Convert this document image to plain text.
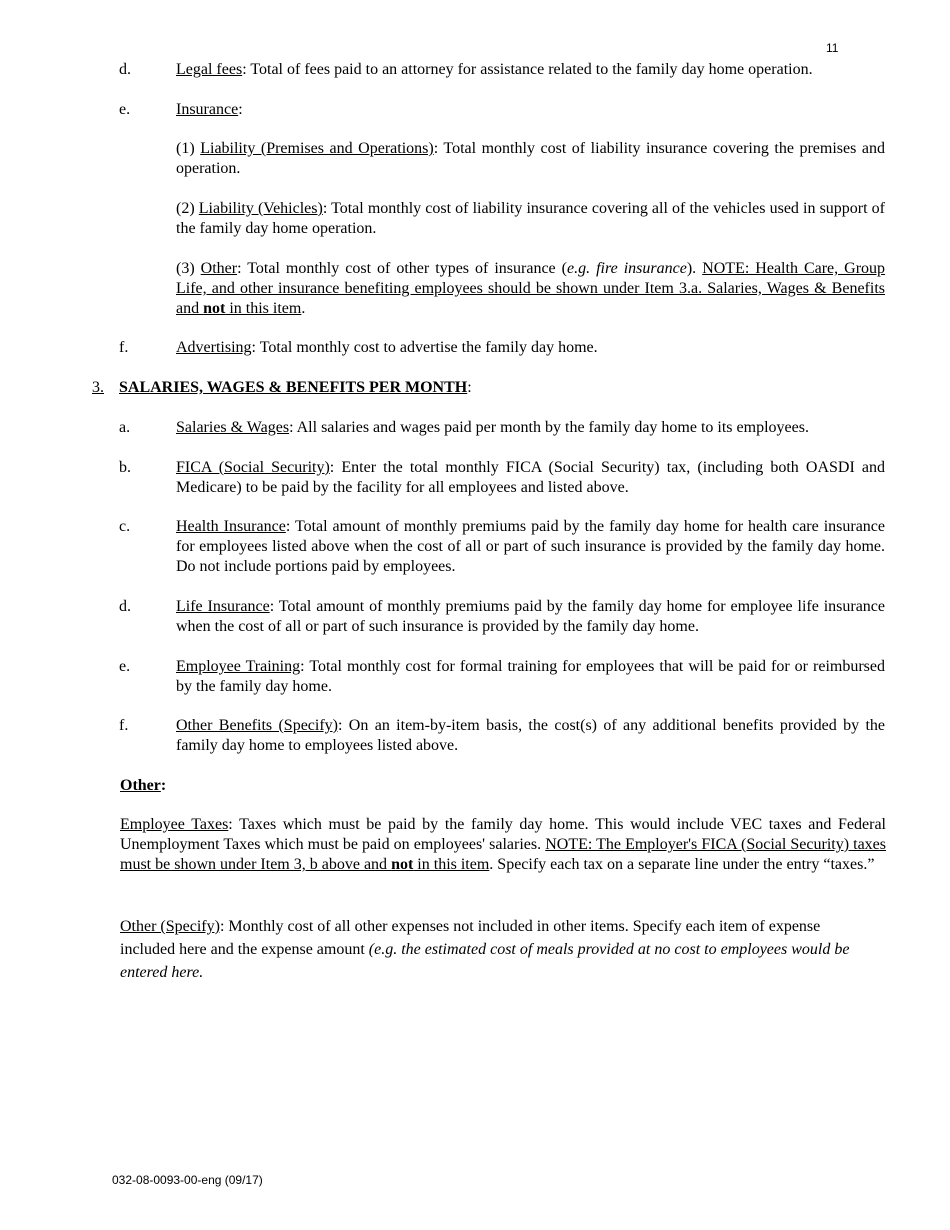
11
d.	Legal fees: Total of fees paid to an attorney for assistance related to the family day home operation.
e.	Insurance:
(1) Liability (Premises and Operations): Total monthly cost of liability insurance covering the premises and operation.
(2) Liability (Vehicles): Total monthly cost of liability insurance covering all of the vehicles used in support of the family day home operation.
(3) Other: Total monthly cost of other types of insurance (e.g. fire insurance). NOTE: Health Care, Group Life, and other insurance benefiting employees should be shown under Item 3.a. Salaries, Wages & Benefits and not in this item.
f.	Advertising: Total monthly cost to advertise the family day home.
3. SALARIES, WAGES & BENEFITS PER MONTH:
a.	Salaries & Wages: All salaries and wages paid per month by the family day home to its employees.
b.	FICA (Social Security): Enter the total monthly FICA (Social Security) tax, (including both OASDI and Medicare) to be paid by the facility for all employees and listed above.
c.	Health Insurance: Total amount of monthly premiums paid by the family day home for health care insurance for employees listed above when the cost of all or part of such insurance is provided by the family day home. Do not include portions paid by employees.
d.	Life Insurance: Total amount of monthly premiums paid by the family day home for employee life insurance when the cost of all or part of such insurance is provided by the family day home.
e.	Employee Training: Total monthly cost for formal training for employees that will be paid for or reimbursed by the family day home.
f.	Other Benefits (Specify): On an item-by-item basis, the cost(s) of any additional benefits provided by the family day home to employees listed above.
Other:
Employee Taxes: Taxes which must be paid by the family day home. This would include VEC taxes and Federal Unemployment Taxes which must be paid on employees' salaries. NOTE: The Employer's FICA (Social Security) taxes must be shown under Item 3, b above and not in this item. Specify each tax on a separate line under the entry “taxes.”
Other (Specify): Monthly cost of all other expenses not included in other items. Specify each item of expense included here and the expense amount (e.g. the estimated cost of meals provided at no cost to employees would be entered here.
032-08-0093-00-eng (09/17)
